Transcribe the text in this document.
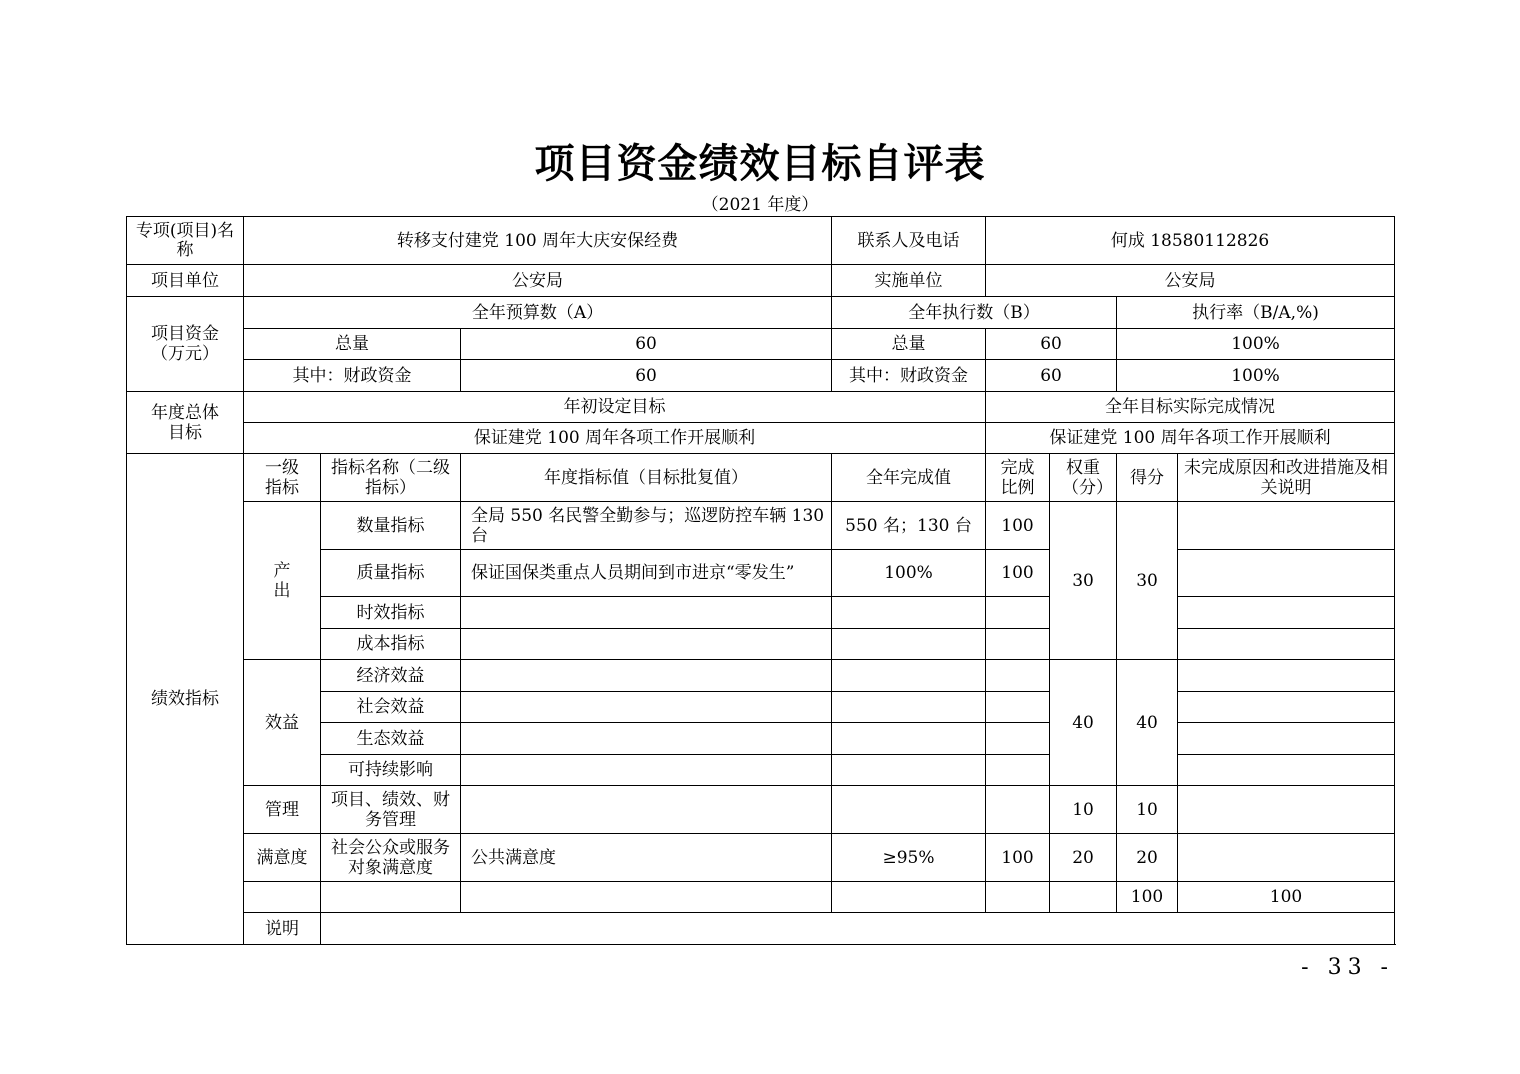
项目资金绩效目标自评表
（2021 年度）
专项(项目)名称	转移支付建党 100 周年大庆安保经费			联系人及电话	何成 18580112826				
项目单位	公安局			实施单位	公安局				
项目资金（万元）	全年预算数（A）			全年执行数（B）			执行率（B/A,%)		
	总量		60	总量	60		100%		
	其中：财政资金		60	其中：财政资金	60		100%		
年度总体目标	年初设定目标				全年目标实际完成情况				
	保证建党 100 周年各项工作开展顺利				保证建党 100 周年各项工作开展顺利				
绩效指标	一级指标	指标名称（二级指标）	年度指标值（目标批复值）	全年完成值	完成比例	权重（分）	得分	未完成原因和改进措施及相关说明	
	产出	数量指标	全局 550 名民警全勤参与；巡逻防控车辆 130 台	550 名；130 台	100	30	30		
		质量指标	保证国保类重点人员期间到市进京“零发生”	100%	100				
		时效指标							
		成本指标							
	效益	经济效益				40	40		
		社会效益							
		生态效益							
		可持续影响							
	管理	项目、绩效、财务管理				10	10		
	满意度	社会公众或服务对象满意度	公共满意度	≥95%	100	20	20		
							100	100	
	说明								
- 33 -
